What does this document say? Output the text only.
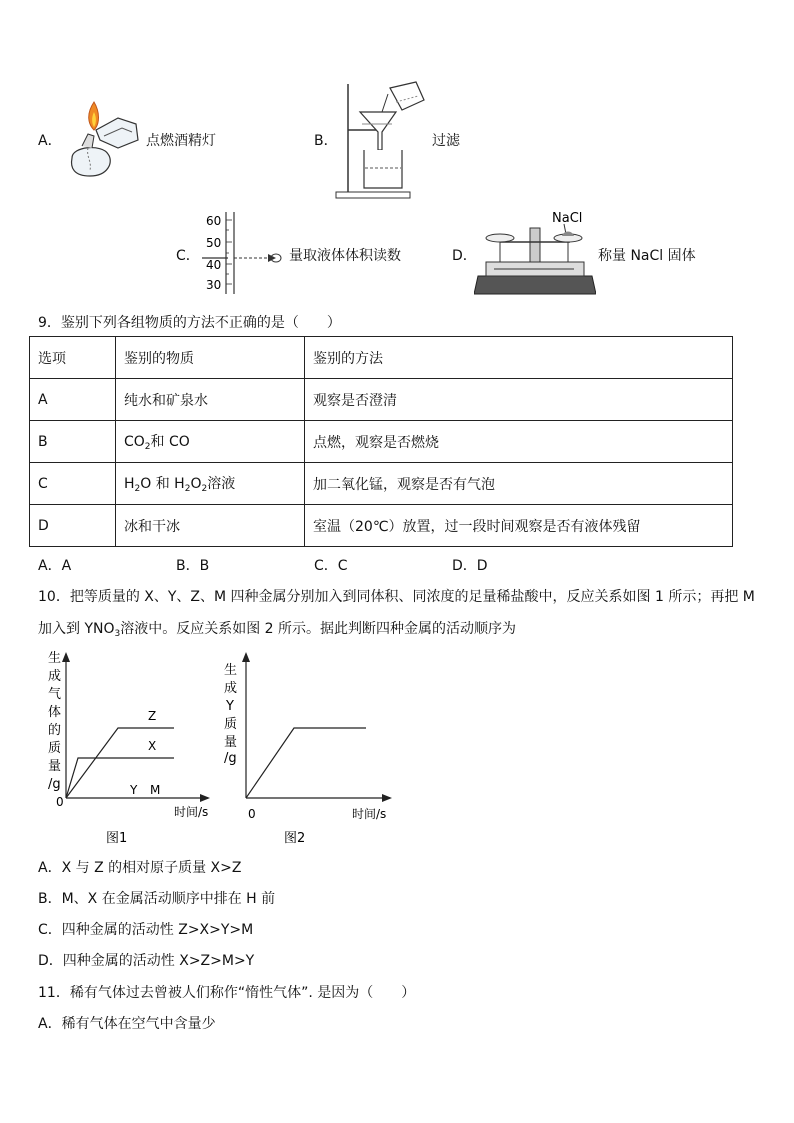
A．	点燃酒精灯	B．	过滤
C．
60
50
40
30
量取液体体积读数	D．
NaCl
称量 NaCl 固体
9．鉴别下列各组物质的方法不正确的是（　　）
选项	鉴别的物质	鉴别的方法
A	纯水和矿泉水	观察是否澄清
B	$CO_2$和 CO	点燃，观察是否燃烧
C	$H_2O$ 和 $H_2O_2$溶液	加二氧化锰，观察是否有气泡
D	冰和干冰	室温（20℃）放置，过一段时间观察是否有液体残留
A．A	B．B	C．C	D．D
10．把等质量的 X、Y、Z、M 四种金属分别加入到同体积、同浓度的足量稀盐酸中，反应关系如图 1 所示；再把 M
加入到 $YNO_3$溶液中。反应关系如图 2 所示。据此判断四种金属的活动顺序为
生
成
气
体
的
质
量
/g
0
Z
X
Y M
时间/s
图1
生
成
Y
质
量
/g
0	时间/s
图2
A．X 与 Z 的相对原子质量 X>Z
B．M、X 在金属活动顺序中排在 H 前
C．四种金属的活动性 Z>X>Y>M
D．四种金属的活动性 X>Z>M>Y
11．稀有气体过去曾被人们称作“惰性气体”. 是因为（　　）
A．稀有气体在空气中含量少
